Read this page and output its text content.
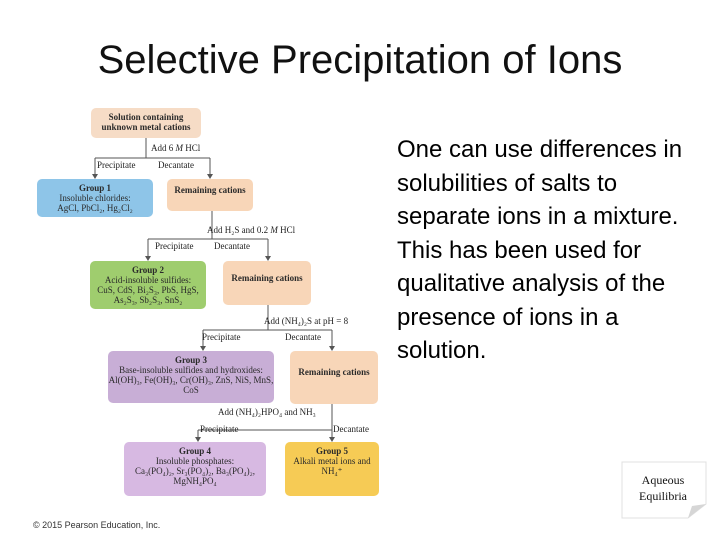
Selective Precipitation of Ions
Solution containing unknown metal cations
Add 6 M HCl
Precipitate	Decantate
Group 1
Insoluble chlorides:
AgCl, PbCl₂, Hg₂Cl₂
Remaining cations
Add H₂S and 0.2 M HCl
Precipitate Decantate
Group 2
Acid-insoluble sulfides:
CuS, CdS, Bi₂S₃, PbS, HgS, As₂S₃, Sb₂S₃, SnS₂
Remaining cations
Add (NH₄)₂S at pH = 8
Precipitate	Decantate
Group 3
Base-insoluble sulfides and hydroxides:
Al(OH)₃, Fe(OH)₃, Cr(OH)₃, ZnS, NiS, MnS, CoS
Remaining cations
Add (NH₄)₂HPO₄ and NH₃
Precipitate	Decantate
Group 4
Insoluble phosphates:
Ca₃(PO₄)₂, Sr₃(PO₄)₂, Ba₃(PO₄)₂, MgNH₄PO₄
Group 5
Alkali metal ions and NH₄⁺
One can use differences in solubilities of salts to separate ions in a mixture. This has been used for qualitative analysis of the presence of ions in a solution.
© 2015 Pearson Education, Inc.
Aqueous
Equilibria
